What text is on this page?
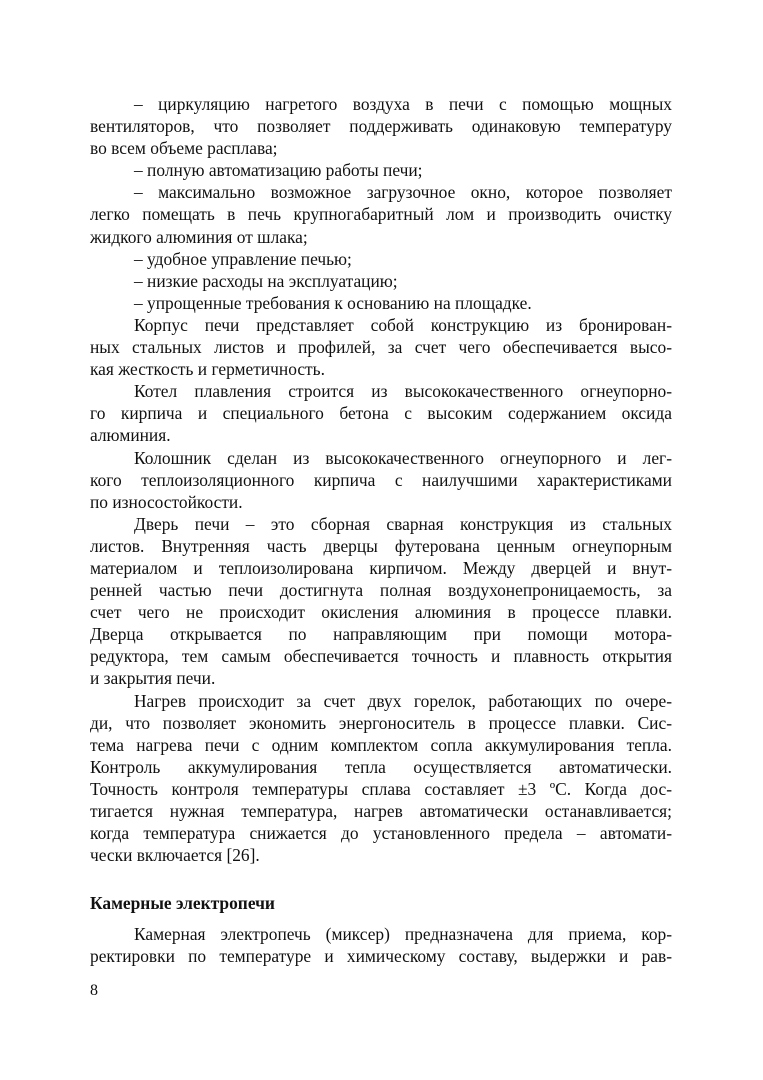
– циркуляцию нагретого воздуха в печи с помощью мощных
вентиляторов, что позволяет поддерживать одинаковую температуру
во всем объеме расплава;
– полную автоматизацию работы печи;
– максимально возможное загрузочное окно, которое позволяет
легко помещать в печь крупногабаритный лом и производить очистку
жидкого алюминия от шлака;
– удобное управление печью;
– низкие расходы на эксплуатацию;
– упрощенные требования к основанию на площадке.
Корпус печи представляет собой конструкцию из бронирован-
ных стальных листов и профилей, за счет чего обеспечивается высо-
кая жесткость и герметичность.
Котел плавления строится из высококачественного огнеупорно-
го кирпича и специального бетона с высоким содержанием оксида
алюминия.
Колошник сделан из высококачественного огнеупорного и лег-
кого теплоизоляционного кирпича с наилучшими характеристиками
по износостойкости.
Дверь печи – это сборная сварная конструкция из стальных
листов. Внутренняя часть дверцы футерована ценным огнеупорным
материалом и теплоизолирована кирпичом. Между дверцей и внут-
ренней частью печи достигнута полная воздухонепроницаемость, за
счет чего не происходит окисления алюминия в процессе плавки.
Дверца открывается по направляющим при помощи моторa-
редуктора, тем самым обеспечивается точность и плавность открытия
и закрытия печи.
Нагрев происходит за счет двух горелок, работающих по очере-
ди, что позволяет экономить энергоноситель в процессе плавки. Сис-
тема нагрева печи с одним комплектом сопла аккумулирования тепла.
Контроль аккумулирования тепла осуществляется автоматически.
Точность контроля температуры сплава составляет ±3 ºС. Когда дос-
тигается нужная температура, нагрев автоматически останавливается;
когда температура снижается до установленного предела – автомати-
чески включается [26].
Камерные электропечи
Камерная электропечь (миксер) предназначена для приема, кор-
ректировки по температуре и химическому составу, выдержки и рав-
8
